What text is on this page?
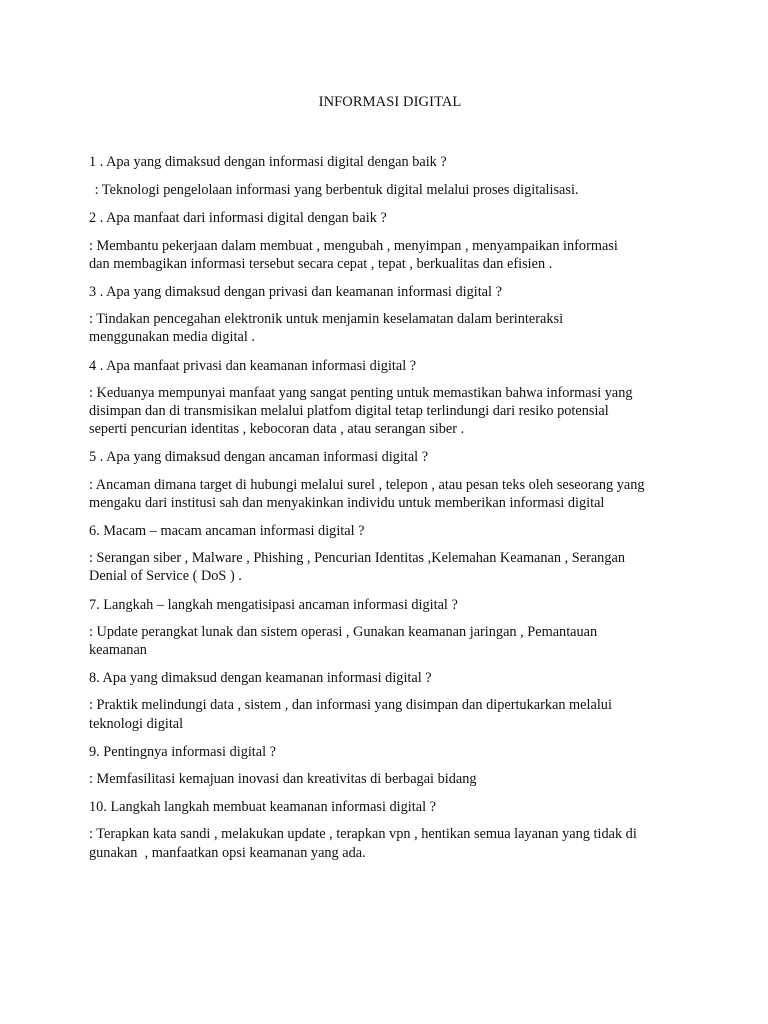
INFORMASI DIGITAL

1 . Apa yang dimaksud dengan informasi digital dengan baik ?

: Teknologi pengelolaan informasi yang berbentuk digital melalui proses digitalisasi.

2 . Apa manfaat dari informasi digital dengan baik ?

: Membantu pekerjaan dalam membuat , mengubah , menyimpan , menyampaikan informasi
dan membagikan informasi tersebut secara cepat , tepat , berkualitas dan efisien .

3 . Apa yang dimaksud dengan privasi dan keamanan informasi digital ?

: Tindakan pencegahan elektronik untuk menjamin keselamatan dalam berinteraksi
menggunakan media digital .

4 . Apa manfaat privasi dan keamanan informasi digital ?

: Keduanya mempunyai manfaat yang sangat penting untuk memastikan bahwa informasi yang
disimpan dan di transmisikan melalui platfom digital tetap terlindungi dari resiko potensial
seperti pencurian identitas , kebocoran data , atau serangan siber .

5 . Apa yang dimaksud dengan ancaman informasi digital ?

: Ancaman dimana target di hubungi melalui surel , telepon , atau pesan teks oleh seseorang yang
mengaku dari institusi sah dan menyakinkan individu untuk memberikan informasi digital

6. Macam – macam ancaman informasi digital ?

: Serangan siber , Malware , Phishing , Pencurian Identitas ,Kelemahan Keamanan , Serangan
Denial of Service ( DoS ) .

7. Langkah – langkah mengatisipasi ancaman informasi digital ?

: Update perangkat lunak dan sistem operasi , Gunakan keamanan jaringan , Pemantauan
keamanan

8. Apa yang dimaksud dengan keamanan informasi digital ?

: Praktik melindungi data , sistem , dan informasi yang disimpan dan dipertukarkan melalui
teknologi digital

9. Pentingnya informasi digital ?

: Memfasilitasi kemajuan inovasi dan kreativitas di berbagai bidang

10. Langkah langkah membuat keamanan informasi digital ?

: Terapkan kata sandi , melakukan update , terapkan vpn , hentikan semua layanan yang tidak di
gunakan  , manfaatkan opsi keamanan yang ada.
